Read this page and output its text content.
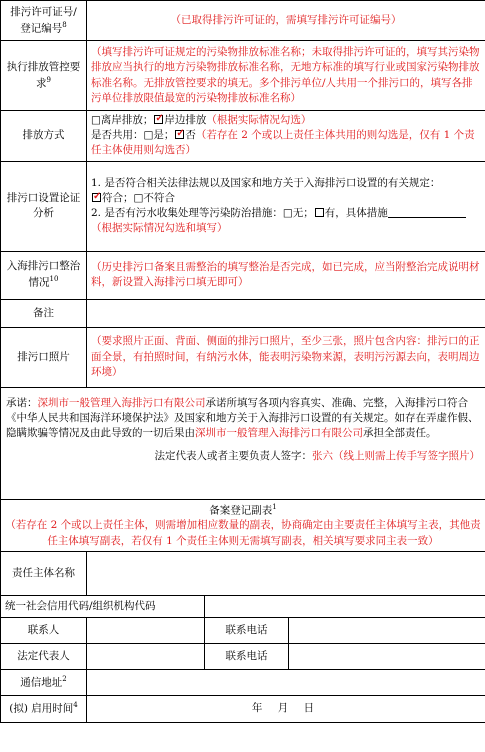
排污许可证号/登记编号$^8$	（已取得排污许可证的，需填写排污许可证编号）		
执行排放管控要求$^9$	（填写排污许可证规定的污染物排放标准名称；未取得排污许可证的，填写其污染物排放应当执行的地方污染物排放标准名称，无地方标准的填写行业或国家污染物排放标准名称。无排放管控要求的填无。多个排污单位/人共用一个排污口的，填写各排污单位排放限值最宽的污染物排放标准名称）		
排放方式	□离岸排放； ✓ 岸边排放（根据实际情况勾选）
是否共用：□是； ✓ 否（若存在 2 个或以上责任主体共用的则勾选是，仅有 1 个责任主体使用则勾选否）

排污口设置论证分析	1. 是否符合相关法律法规以及国家和地方关于入海排污口设置的有关规定：
✓符合；□不符合
2. 是否有污水收集处理等污染防治措施：□无； 有，具体措施（根据实际情况勾选和填写）

入海排污口整治情况$^{10}$	（历史排污口备案且需整治的填写整治是否完成，如已完成，应当附整治完成说明材料，新设置入海排污口填无即可）		
备注			
排污口照片	（要求照片正面、背面、侧面的排污口照片，至少三张，照片包含内容：排污口的正面全景，有拍照时间，有纳污水体，能表明污染物来源，表明污污源去向，表明周边环境）		

承诺：深圳市一般管理入海排污口有限公司承诺所填写各项内容真实、准确、完整，入海排污口符合《中华人民共和国海洋环境保护法》及国家和地方关于入海排污口设置的有关规定。如存在弄虚作假、隐瞒欺骗等情况及由此导致的一切后果由深圳市一般管理入海排污口有限公司承担全部责任。
法定代表人或者主要负责人签字：张六（线上则需上传手写签字照片）			

备案登记副表$^1$
（若存在 2 个或以上责任主体，则需增加相应数量的副表，协商确定由主要责任主体填写主表，其他责任主体填写副表，若仅有 1 个责任主体则无需填写副表，相关填写要求同主表一致）			

责任主体名称			
统一社会信用代码/组织机构代码			
联系人		联系电话	
法定代表人		联系电话	
通信地址$^2$	
(拟) 启用时间$^4$	年 月 日		
